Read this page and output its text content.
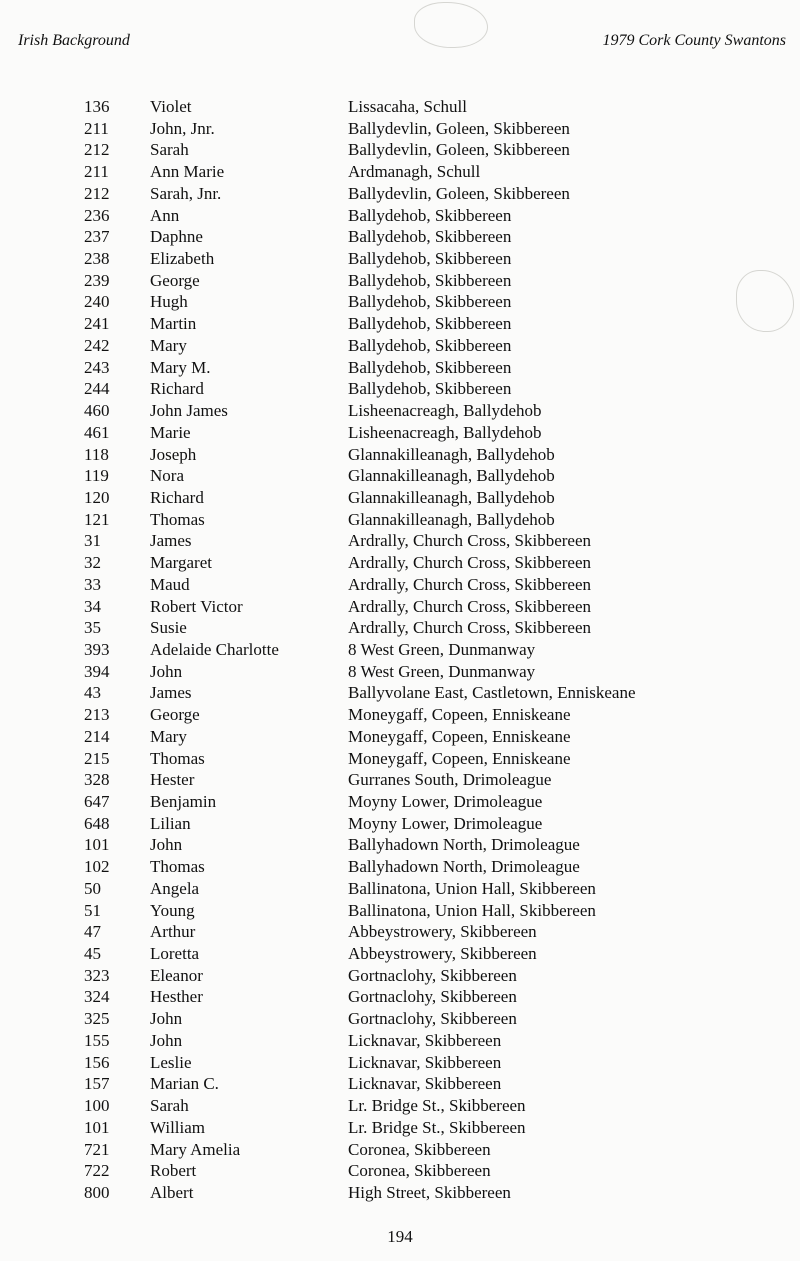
Irish Background	1979 Cork County Swantons
136	Violet	Lissacaha, Schull
211	John, Jnr.	Ballydevlin, Goleen, Skibbereen
212	Sarah	Ballydevlin, Goleen, Skibbereen
211	Ann Marie	Ardmanagh, Schull
212	Sarah, Jnr.	Ballydevlin, Goleen, Skibbereen
236	Ann	Ballydehob, Skibbereen
237	Daphne	Ballydehob, Skibbereen
238	Elizabeth	Ballydehob, Skibbereen
239	George	Ballydehob, Skibbereen
240	Hugh	Ballydehob, Skibbereen
241	Martin	Ballydehob, Skibbereen
242	Mary	Ballydehob, Skibbereen
243	Mary M.	Ballydehob, Skibbereen
244	Richard	Ballydehob, Skibbereen
460	John James	Lisheenacreagh, Ballydehob
461	Marie	Lisheenacreagh, Ballydehob
118	Joseph	Glannakilleanagh, Ballydehob
119	Nora	Glannakilleanagh, Ballydehob
120	Richard	Glannakilleanagh, Ballydehob
121	Thomas	Glannakilleanagh, Ballydehob
31	James	Ardrally, Church Cross, Skibbereen
32	Margaret	Ardrally, Church Cross, Skibbereen
33	Maud	Ardrally, Church Cross, Skibbereen
34	Robert Victor	Ardrally, Church Cross, Skibbereen
35	Susie	Ardrally, Church Cross, Skibbereen
393	Adelaide Charlotte	8 West Green, Dunmanway
394	John	8 West Green, Dunmanway
43	James	Ballyvolane East, Castletown, Enniskeane
213	George	Moneygaff, Copeen, Enniskeane
214	Mary	Moneygaff, Copeen, Enniskeane
215	Thomas	Moneygaff, Copeen, Enniskeane
328	Hester	Gurranes South, Drimoleague
647	Benjamin	Moyny Lower, Drimoleague
648	Lilian	Moyny Lower, Drimoleague
101	John	Ballyhadown North, Drimoleague
102	Thomas	Ballyhadown North, Drimoleague
50	Angela	Ballinatona, Union Hall, Skibbereen
51	Young	Ballinatona, Union Hall, Skibbereen
47	Arthur	Abbeystrowery, Skibbereen
45	Loretta	Abbeystrowery, Skibbereen
323	Eleanor	Gortnaclohy, Skibbereen
324	Hesther	Gortnaclohy, Skibbereen
325	John	Gortnaclohy, Skibbereen
155	John	Licknavar, Skibbereen
156	Leslie	Licknavar, Skibbereen
157	Marian C.	Licknavar, Skibbereen
100	Sarah	Lr. Bridge St., Skibbereen
101	William	Lr. Bridge St., Skibbereen
721	Mary Amelia	Coronea, Skibbereen
722	Robert	Coronea, Skibbereen
800	Albert	High Street, Skibbereen
194
